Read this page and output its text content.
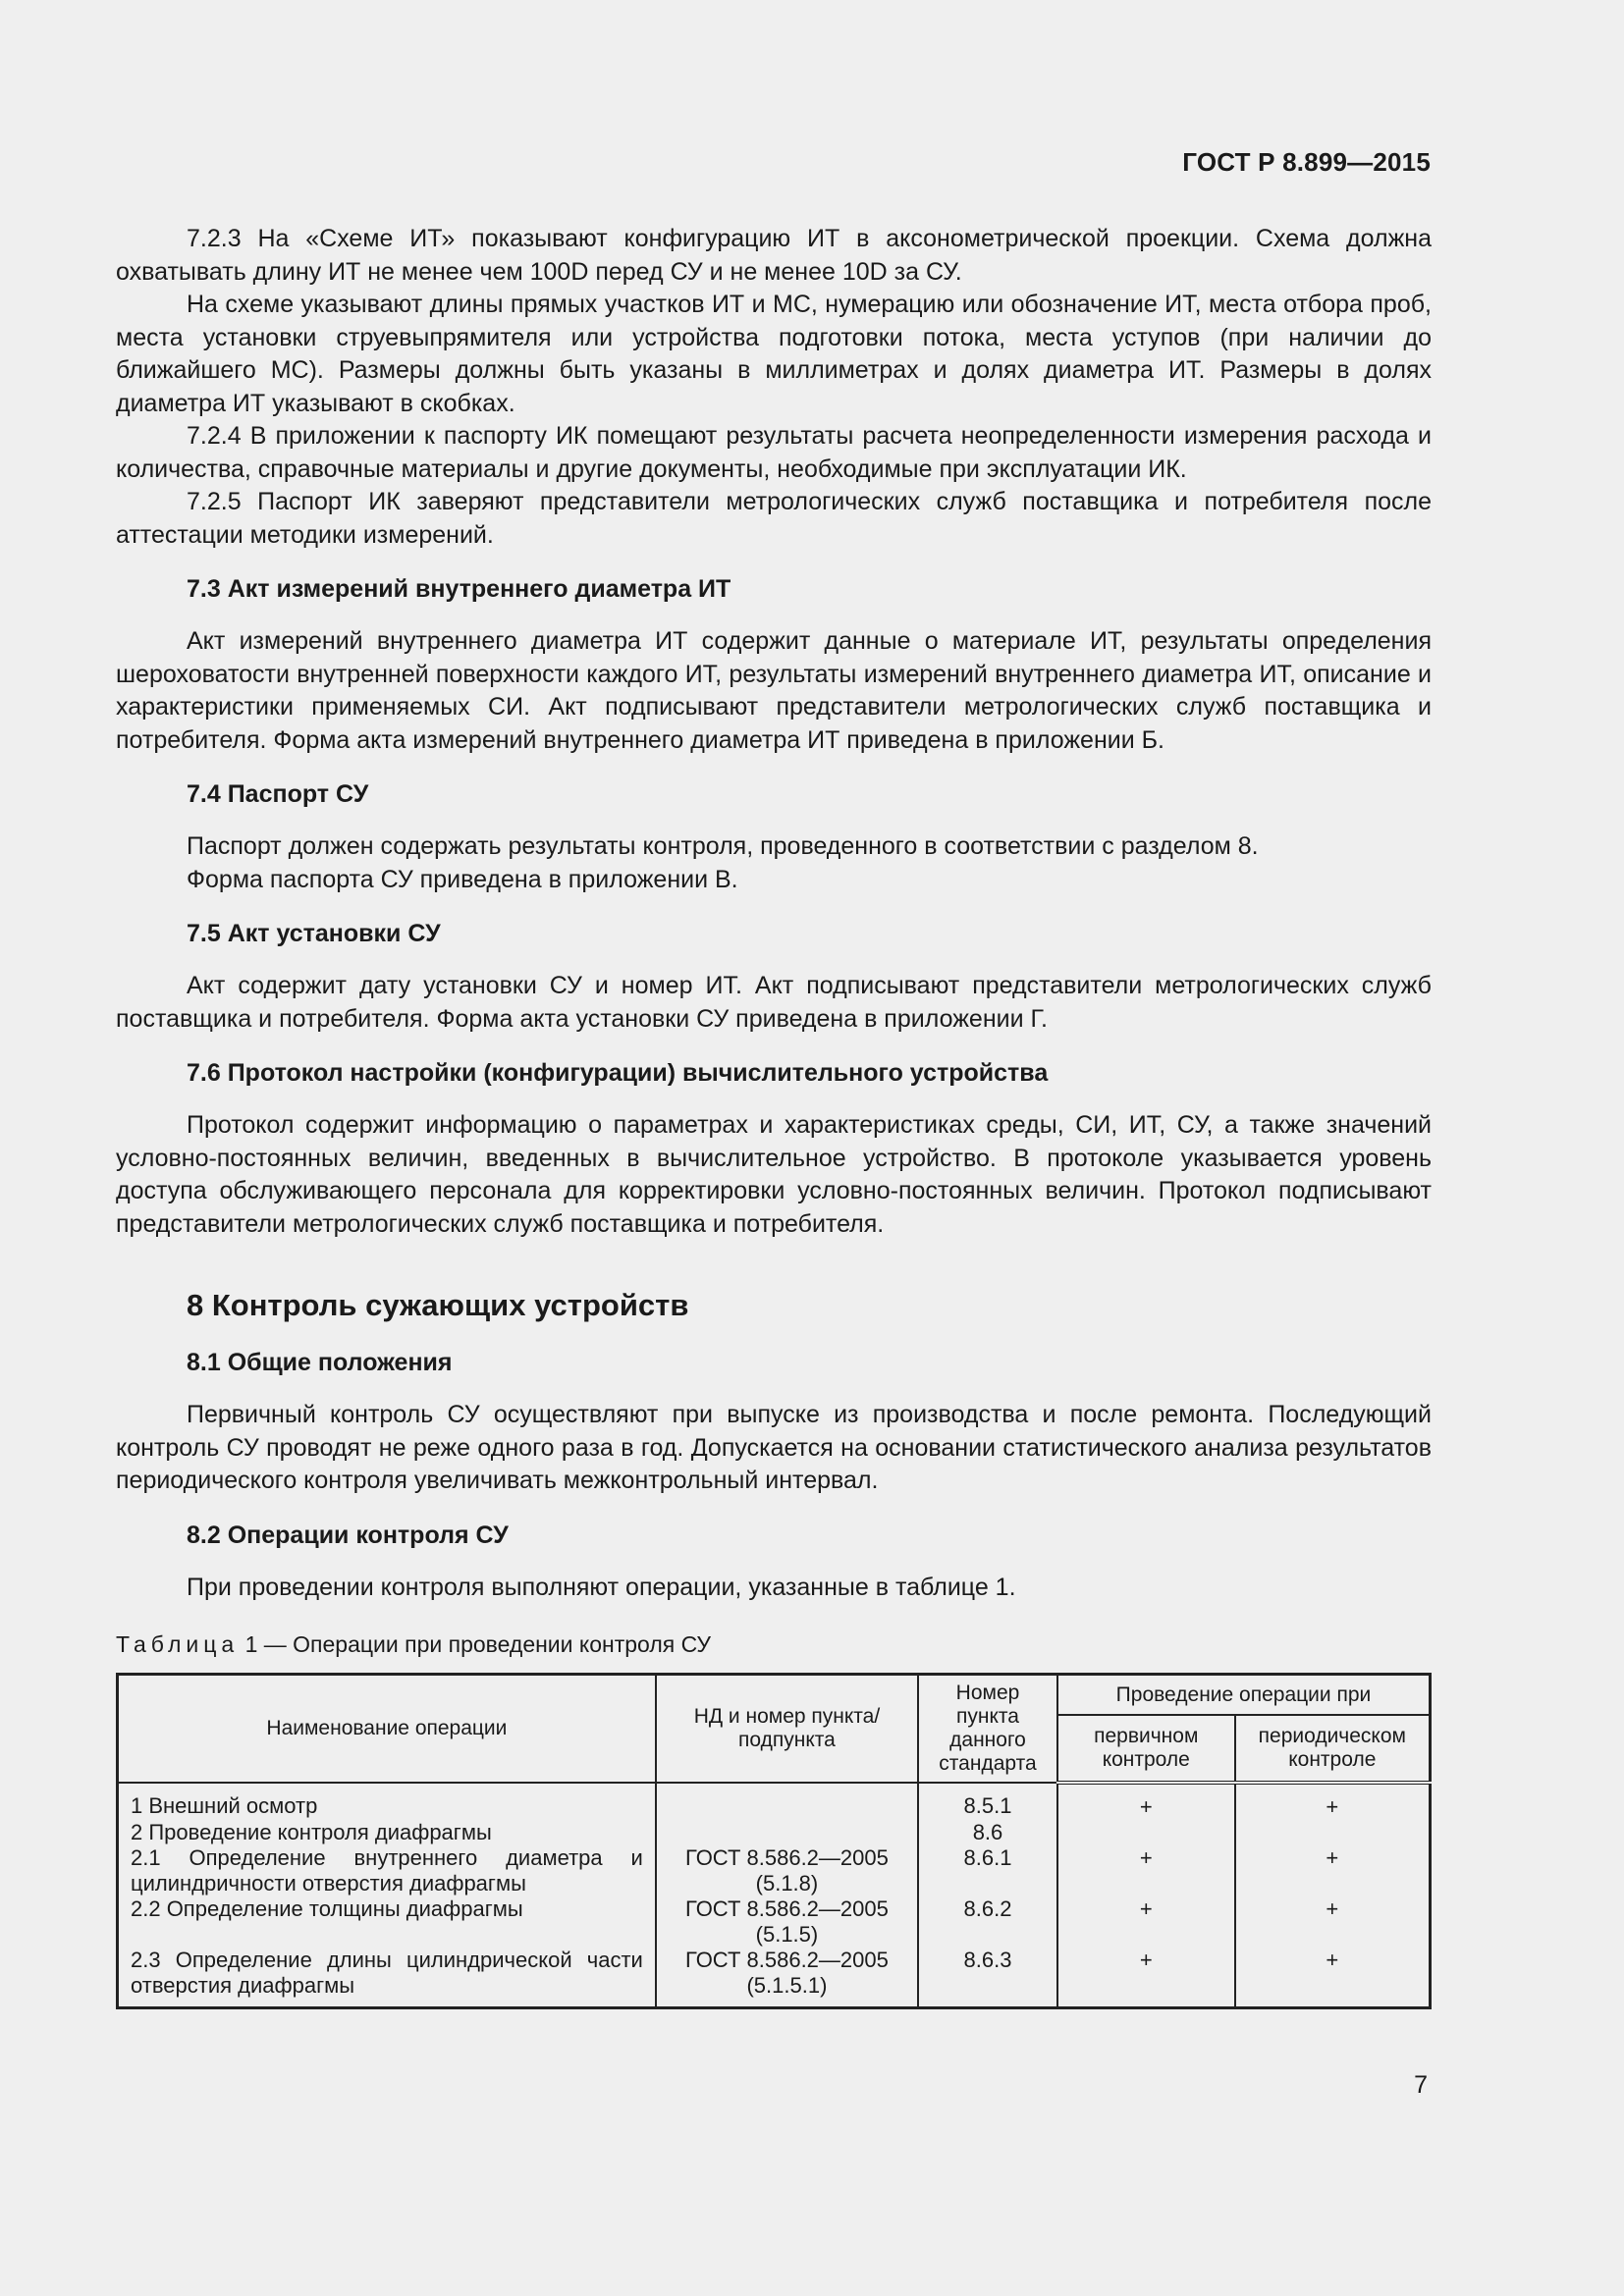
ГОСТ Р 8.899—2015

7.2.3 На «Схеме ИТ» показывают конфигурацию ИТ в аксонометрической проекции. Схема должна охватывать длину ИТ не менее чем 100D перед СУ и не менее 10D за СУ.

На схеме указывают длины прямых участков ИТ и МС, нумерацию или обозначение ИТ, места отбора проб, места установки струевыпрямителя или устройства подготовки потока, места уступов (при наличии до ближайшего МС). Размеры должны быть указаны в миллиметрах и долях диаметра ИТ. Размеры в долях диаметра ИТ указывают в скобках.

7.2.4 В приложении к паспорту ИК помещают результаты расчета неопределенности измерения расхода и количества, справочные материалы и другие документы, необходимые при эксплуатации ИК.

7.2.5 Паспорт ИК заверяют представители метрологических служб поставщика и потребителя после аттестации методики измерений.

7.3 Акт измерений внутреннего диаметра ИТ

Акт измерений внутреннего диаметра ИТ содержит данные о материале ИТ, результаты определения шероховатости внутренней поверхности каждого ИТ, результаты измерений внутреннего диаметра ИТ, описание и характеристики применяемых СИ. Акт подписывают представители метрологических служб поставщика и потребителя. Форма акта измерений внутреннего диаметра ИТ приведена в приложении Б.

7.4 Паспорт СУ

Паспорт должен содержать результаты контроля, проведенного в соответствии с разделом 8.

Форма паспорта СУ приведена в приложении В.

7.5 Акт установки СУ

Акт содержит дату установки СУ и номер ИТ. Акт подписывают представители метрологических служб поставщика и потребителя. Форма акта установки СУ приведена в приложении Г.

7.6 Протокол настройки (конфигурации) вычислительного устройства

Протокол содержит информацию о параметрах и характеристиках среды, СИ, ИТ, СУ, а также значений условно-постоянных величин, введенных в вычислительное устройство. В протоколе указывается уровень доступа обслуживающего персонала для корректировки условно-постоянных величин. Протокол подписывают представители метрологических служб поставщика и потребителя.

8 Контроль сужающих устройств
8.1 Общие положения

Первичный контроль СУ осуществляют при выпуске из производства и после ремонта. Последующий контроль СУ проводят не реже одного раза в год. Допускается на основании статистического анализа результатов периодического контроля увеличивать межконтрольный интервал.

8.2 Операции контроля СУ

При проведении контроля выполняют операции, указанные в таблице 1.

Таблица 1 — Операции при проведении контроля СУ
Наименование операции	НД и номер пункта/подпункта	Номер пункта данного стандарта	Проведение операции при	
			первичном контроле	периодическом контроле
1 Внешний осмотр		8.5.1	+	+
2 Проведение контроля диафрагмы		8.6		
2.1 Определение внутреннего диаметра и цилиндричности отверстия диафрагмы	ГОСТ 8.586.2—2005 (5.1.8)	8.6.1	+	+
2.2 Определение толщины диафрагмы	ГОСТ 8.586.2—2005 (5.1.5)	8.6.2	+	+
2.3 Определение длины цилиндрической части отверстия диафрагмы	ГОСТ 8.586.2—2005 (5.1.5.1)	8.6.3	+	+
7
